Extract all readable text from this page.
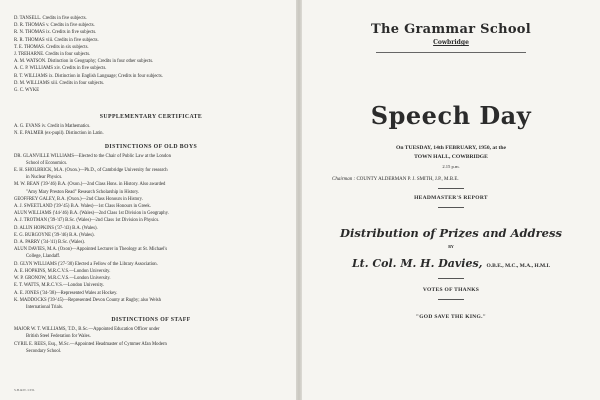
D. TANSELL. Credits in five subjects.
D. R. THOMAS v. Credits in five subjects.
R. N. THOMAS ix. Credits in five subjects.
R. R. THOMAS viii. Credits in five subjects.
T. E. THOMAS. Credits in six subjects.
J. TREHARNE. Credits in four subjects.
A. M. WATSON. Distinction in Geography; Credits in four other subjects.
A. C. P. WILLIAMS xiv. Credits in five subjects.
B. T. WILLIAMS ix. Distinction in English Language; Credits in four subjects.
D. M. WILLIAMS xiii. Credits in four subjects.
G. C. WYKE
SUPPLEMENTARY CERTIFICATE
A. G. EVANS iv. Credit in Mathematics.
N. E. PALMER (ex-pupil). Distinction in Latin.
DISTINCTIONS OF OLD BOYS
DR. GLANVILLE WILLIAMS—Elected to the Chair of Public Law at the London
School of Economics.
E. H. SHOLBRICK, M.A. (Oxon.)—Ph.D., of Cambridge University for research
in Nuclear Physics.
M. W. BEAN ('39-'46) B.A. (Oxon.)—2nd Class Hons. in History. Also awarded
"Amy Mary Preston Read" Research Scholarship in History.
GEOFFREY GALEY, B.A. (Oxon.)—2nd Class Honours in History.
A. J. SWEETLAND ('39-'45) B.A. Wales)—1st Class Honours in Greek.
ALUN WILLIAMS ('44-'46) B.A. (Wales)—2nd Class 1st Division in Geography.
A. J. TROTMAN ('39-'47) B.Sc. (Wales)—2nd Class 1st Division in Physics.
D. ALUN HOPKINS ('37-'43) B.A. (Wales).
E. G. BURGOYNE ('39-'46) B.A. (Wales).
D. A. PARRY ('34-'41) B.Sc. (Wales).
ALUN DAVIES, M.A. (Oxon)—Appointed Lecturer in Theology at St. Michael's
College, Llandaff.
D. GLYN WILLIAMS ('27-'30) Elected a Fellow of the Library Association.
A. E. HOPKINS, M.R.C.V.S.—London University.
W. P. GRONOW, M.R.C.V.S.—London University.
E. T. WATTS, M.R.C.V.S.—London University.
A. E. JONES ('34-'38)—Represented Wales at Hockey.
K. MADDOCKS ('39-'45)—Represented Devon County at Rugby; also Welsh
International Trials.
DISTINCTIONS OF STAFF
MAJOR W. T. WILLIAMS, T.D., B.Sc.—Appointed Education Officer under
British Steel Federation for Wales.
CYRIL E. REES, Esq., M.Sc.—Appointed Headmaster of Cymmer Afan Modern
Secondary School.
S.B.&W. LTD.
The Grammar School
Cowbridge
Speech Day
On TUESDAY, 14th FEBRUARY, 1950, at the
TOWN HALL, COWBRIDGE
2.15 p.m.
Chairman : COUNTY ALDERMAN P. J. SMITH, J.P., M.B.E.
HEADMASTER'S REPORT
Distribution of Prizes and Address
BY
Lt. Col. M. H. Davies, O.B.E., M.C., M.A., H.M.I.
VOTES OF THANKS
"GOD SAVE THE KING."
